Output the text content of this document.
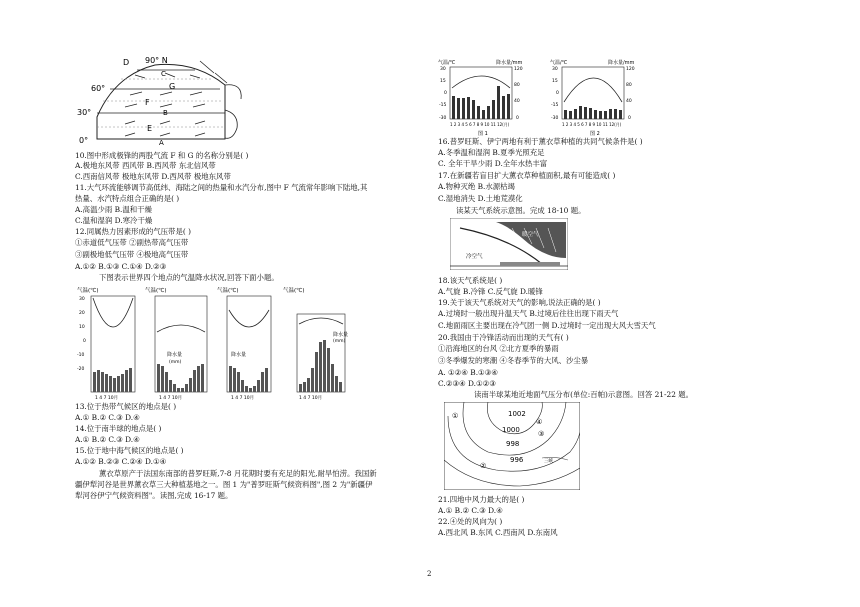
D 90° N
C
G
F
B
E
A
60°
30°
0°
10.图中形成极锋的两股气流 F 和 G 的名称分别是( )
A.极地东风带 西风带 B.西风带 东北信风带
C.西南信风带 极地东风带 D.西风带 极地东风带
11.大气环流能够调节高低纬、海陆之间的热量和水汽分布,图中 F 气流常年影响下陆地,其
热量、水汽特点组合正确的是( )
A.高温少雨 B.温和干燥
C.温和湿润 D.寒冷干燥
12.同属热力因素形成的气压带是( )
①赤道低气压带 ②副热带高气压带
③副极地低气压带 ④极地高气压带
A.①② B.①③ C.①④ D.②③
下图表示世界四个地点的气温降水状况,回答下面小题。
气温(℃)
30
20
10
0
-10
-20
1 4 7 10月
气温(℃)
降水量
(mm)
1 4 7 10月
气温(℃)
降水量
1 4 7 10月
气温(℃)
降水量
(mm)
1 4 7 10月
13.位于热带气候区的地点是( )
A.① B.② C.③ D.④
14.位于南半球的地点是( )
A.① B.② C.③ D.④
15.位于地中海气候区的地点是( )
A.①② B.②③ C.②④ D.①④
薰衣草原产于法国东南部的普罗旺斯,7-8 月花期时要有充足的阳光,耐旱怕涝。我国新
疆伊犁河谷是世界薰衣草三大种植基地之一。图 1 为"普罗旺斯气候资料图",图 2 为"新疆伊
犁河谷伊宁气候资料图"。读图,完成 16-17 题。
气温/℃	降水量/mm
30
15
0
-15
-30
120
80
40
0
1 2 3 4 5 6 7 8 9 10 11 12(月)
图 1
气温/℃	降水量/mm
30
15
0
-15
-30
120
80
40
0
1 2 3 4 5 6 7 8 9 10 11 12(月)
图 2
16.普罗旺斯、伊宁两地有利于薰衣草种植的共同气候条件是( )
A.冬季温和湿润 B.夏季光照充足
C. 全年干旱少雨 D.全年水热丰富
17.在新疆若盲目扩大薰衣草种植面积,最有可能造成( )
A.物种灭绝 B.水源枯竭
C.湿地消失 D.土地荒漠化
读某天气系统示意图。完成 18-10 题。
暖空气
冷空气
18.该天气系统是( )
A.气旋 B.冷锋 C.反气旋 D.暖锋
19.关于该天气系统对天气的影响,说法正确的是( )
A.过境时一般出现升温天气 B.过境后往往出现下雨天气
C.地面雨区主要出现在冷气团一侧 D.过境时一定出现大风大雪天气
20.我国由于冷锋活动而出现的天气有( )
①沿海地区的台风 ②北方夏季的暴雨
③冬季爆发的寒潮 ④冬春季节的大风、沙尘暴
A. ①②④ B.①③④
C.②③④ D.①②③
读南半球某地近地面气压分布(单位:百帕)示意图。回答 21-22 题。
1002
1000
998
996
①
②
③
④
三峡
21.四地中风力最大的是( )
A.① B.② C.③ D.④
22.④处的风向为( )
A.西北风 B.东风 C.西南风 D.东南风
2
